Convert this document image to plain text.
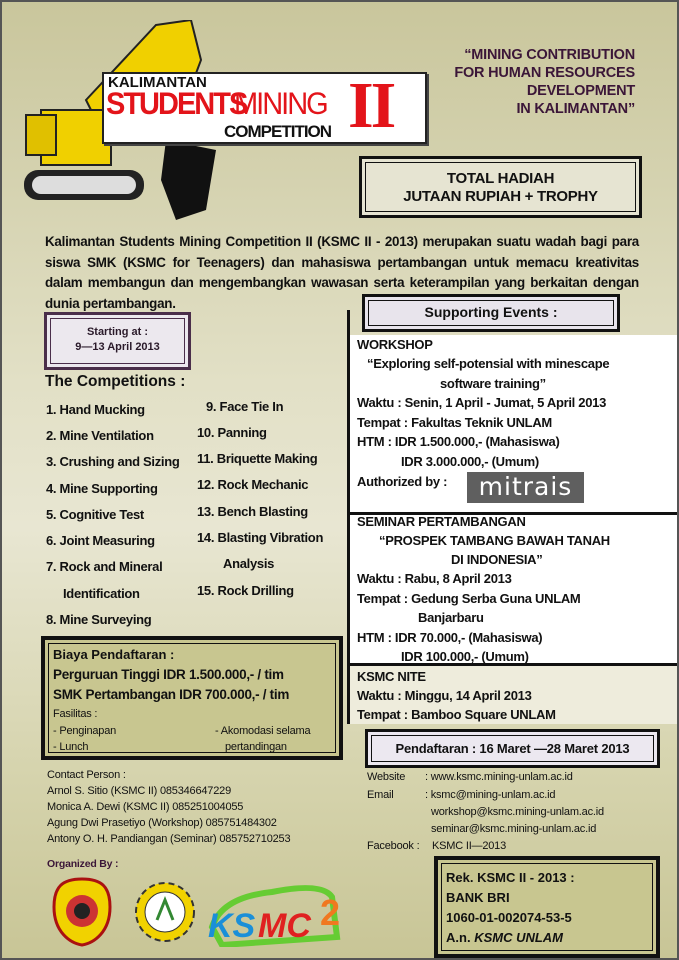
KALIMANTAN
STUDENTS
MINING
COMPETITION II
“MINING CONTRIBUTION
FOR HUMAN RESOURCES
DEVELOPMENT
IN KALIMANTAN”
TOTAL HADIAH
JUTAAN RUPIAH + TROPHY
Kalimantan Students Mining Competition II (KSMC II - 2013) merupakan suatu wadah bagi para siswa SMK (KSMC for Teenagers) dan mahasiswa pertambangan untuk memacu kreativitas dalam membangun dan mengembangkan wawasan serta keterampilan yang berkaitan dengan dunia pertambangan.
Starting at :
9—13 April 2013
The Competitions :
1. Hand Mucking
2. Mine Ventilation
3. Crushing and Sizing
4. Mine Supporting
5. Cognitive Test
6. Joint Measuring
7. Rock and Mineral
Identification
8. Mine Surveying
9. Face Tie In
10. Panning
11. Briquette Making
12. Rock Mechanic
13. Bench Blasting
14. Blasting Vibration
Analysis
15. Rock Drilling
Supporting Events :
WORKSHOP
“Exploring self-potensial with minescape
software training”
Waktu : Senin, 1 April - Jumat, 5 April 2013
Tempat : Fakultas Teknik UNLAM
HTM : IDR 1.500.000,- (Mahasiswa)
IDR 3.000.000,- (Umum)
Authorized by :	mitrais
SEMINAR PERTAMBANGAN
“PROSPEK TAMBANG BAWAH TANAH
DI INDONESIA”
Waktu : Rabu, 8 April 2013
Tempat : Gedung Serba Guna UNLAM
Banjarbaru
HTM : IDR 70.000,- (Mahasiswa)
IDR 100.000,- (Umum)
KSMC NITE
Waktu : Minggu, 14 April 2013
Tempat : Bamboo Square UNLAM
Biaya Pendaftaran :
Perguruan Tinggi IDR 1.500.000,- / tim
SMK Pertambangan IDR 700.000,- / tim
Fasilitas :
- Penginapan
- Lunch
- Akomodasi selama
pertandingan	Pendaftaran : 16 Maret —28 Maret 2013
Contact Person :
Arnol S. Sitio (KSMC II) 085346647229
Monica A. Dewi (KSMC II) 085251004055
Agung Dwi Prasetiyo (Workshop) 085751484302
Antony O. H. Pandiangan (Seminar) 085752710253
Website : www.ksmc.mining-unlam.ac.id
Email	: ksmc@mining-unlam.ac.id
workshop@ksmc.mining-unlam.ac.id
seminar@ksmc.mining-unlam.ac.id
Facebook : KSMC II—2013
Organized By :
KS MC 2
Rek. KSMC II - 2013 :
BANK BRI
1060-01-002074-53-5
A.n. KSMC UNLAM
